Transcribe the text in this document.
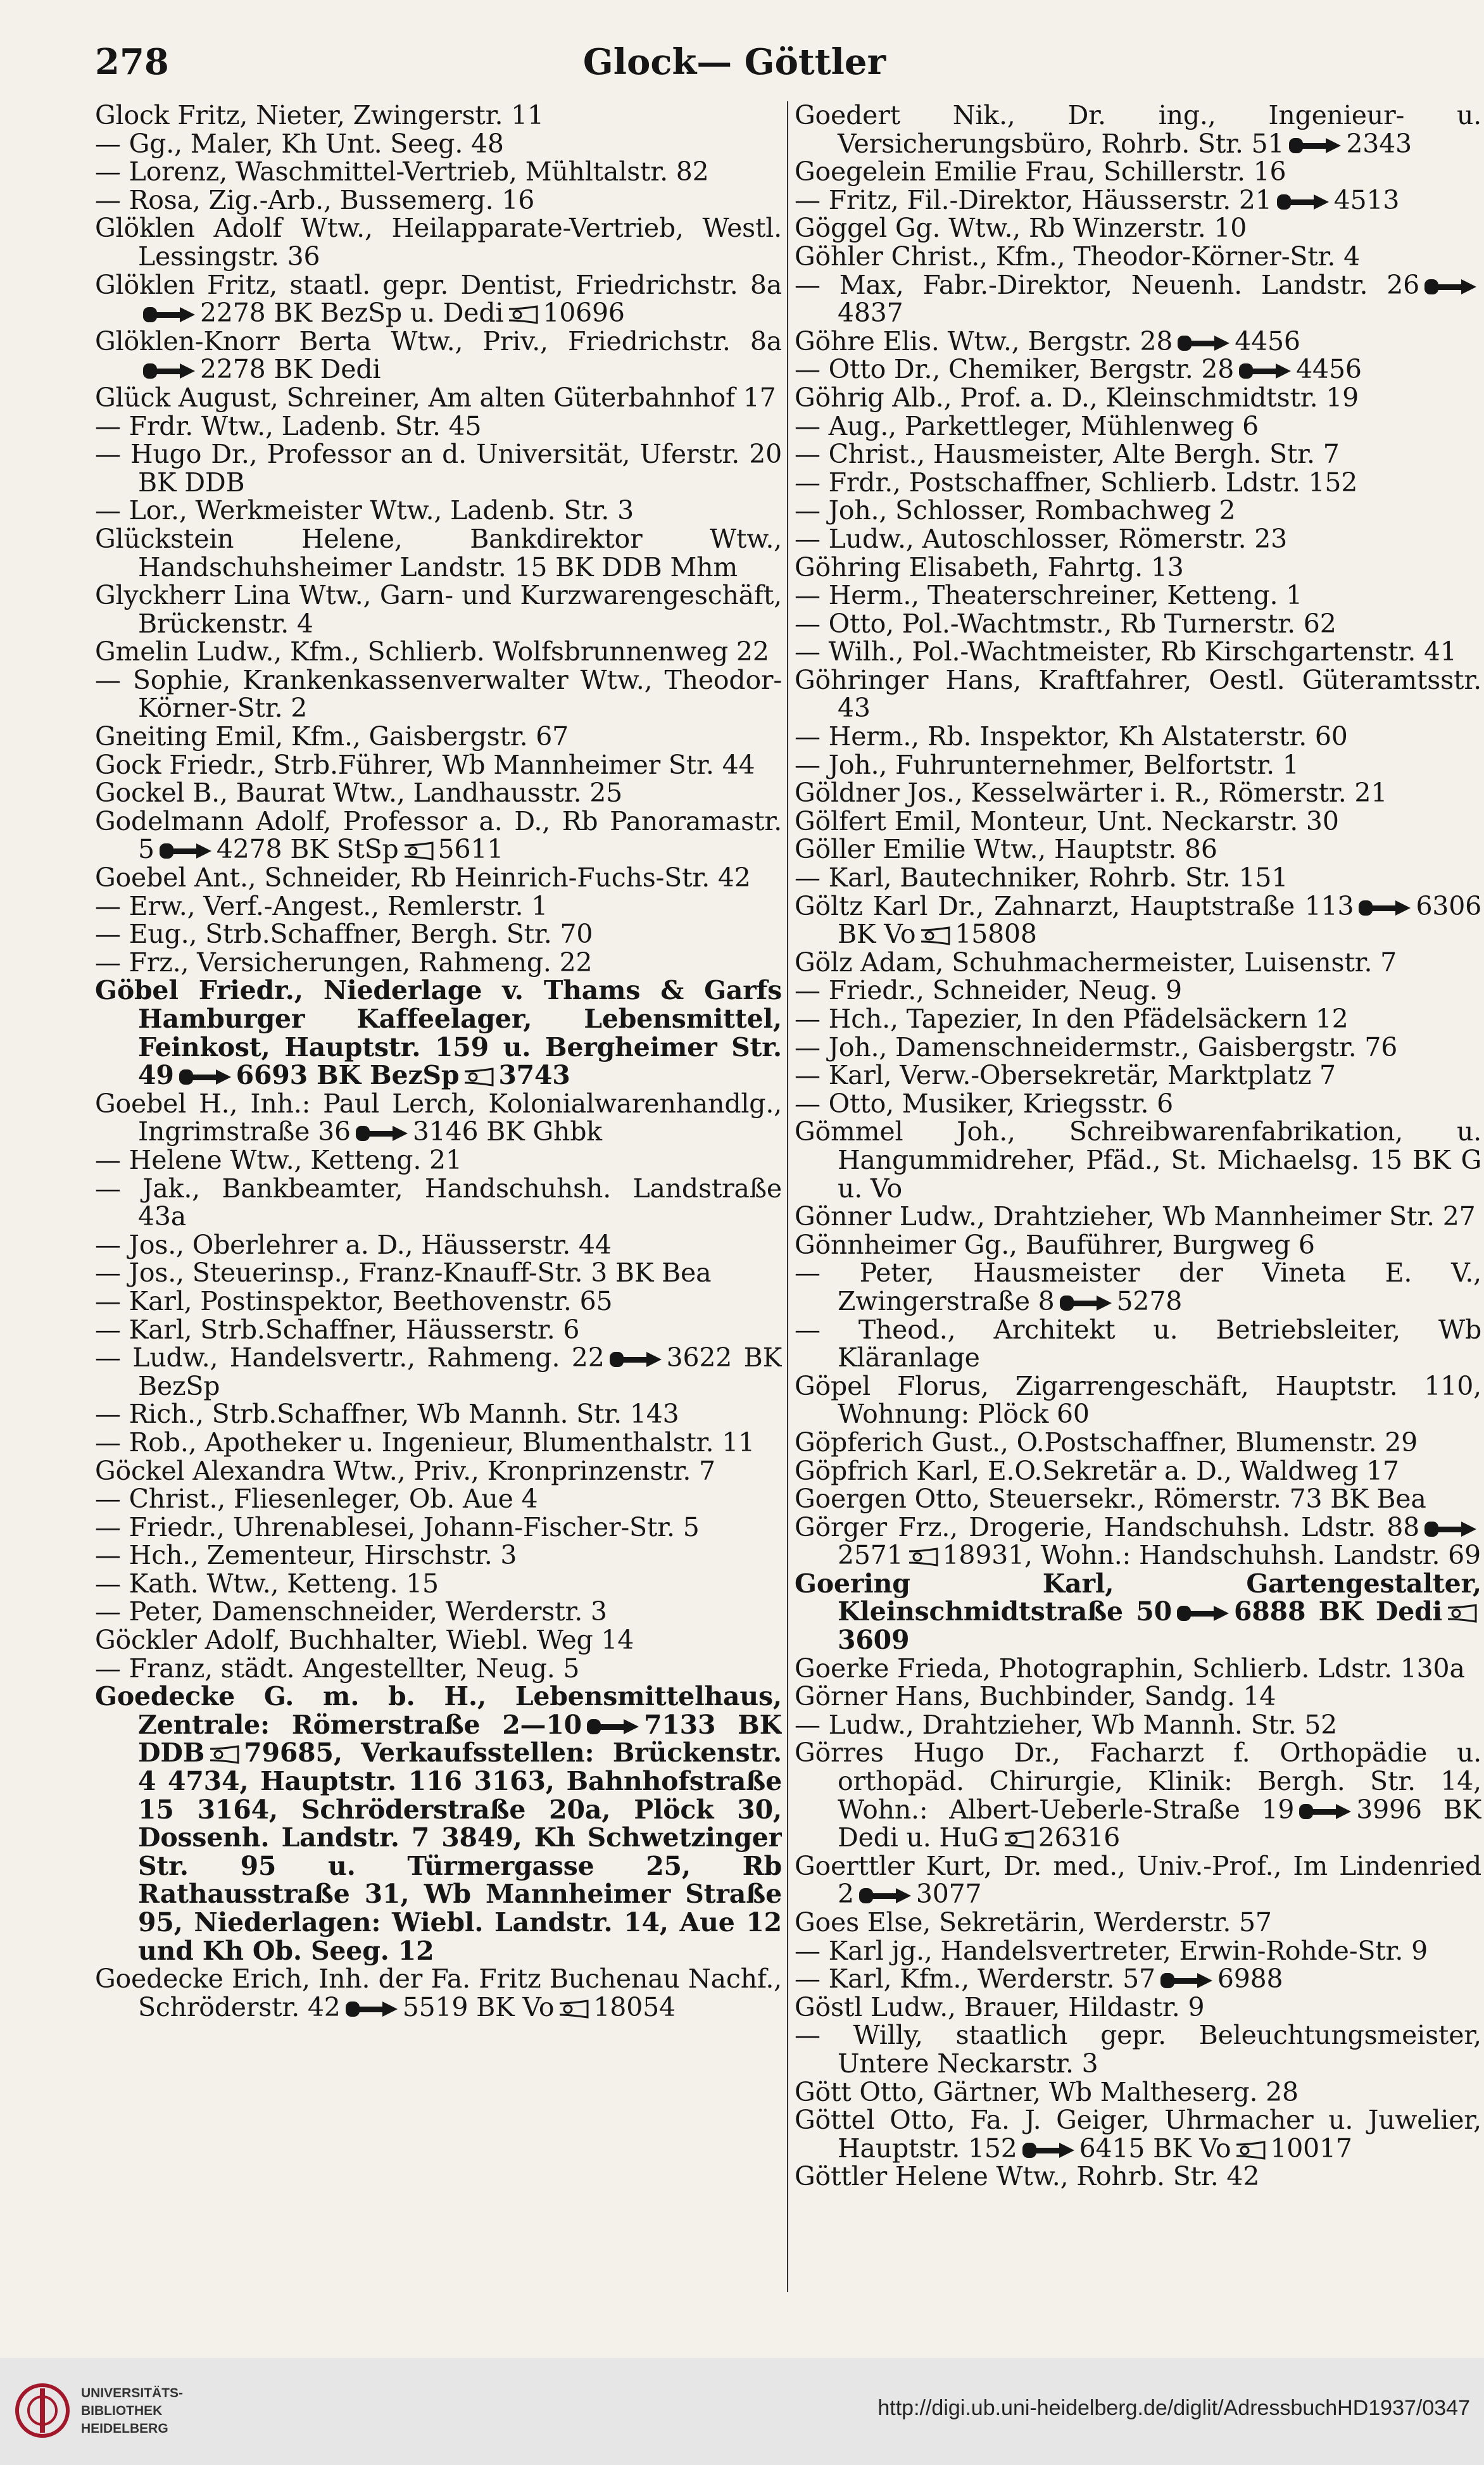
278	Glock— Göttler
Glock Fritz, Nieter, Zwingerstr. 11
— Gg., Maler, Kh Unt. Seeg. 48
— Lorenz, Waschmittel-Vertrieb, Mühltalstr. 82
— Rosa, Zig.-Arb., Bussemerg. 16
Glöklen Adolf Wtw., Heilapparate-Vertrieb, Westl. Lessingstr. 36
Glöklen Fritz, staatl. gepr. Dentist, Friedrichstr. 8a2278 BK BezSp u. Dedi 10696
Glöklen-Knorr Berta Wtw., Priv., Friedrichstr. 8a2278 BK Dedi
Glück August, Schreiner, Am alten Güterbahnhof 17
— Frdr. Wtw., Ladenb. Str. 45
— Hugo Dr., Professor an d. Universität, Uferstr. 20 BK DDB
— Lor., Werkmeister Wtw., Ladenb. Str. 3
Glückstein Helene, Bankdirektor Wtw., Handschuhsheimer Landstr. 15 BK DDB Mhm
Glyckherr Lina Wtw., Garn- und Kurzwarengeschäft, Brückenstr. 4
Gmelin Ludw., Kfm., Schlierb. Wolfsbrunnenweg 22
— Sophie, Krankenkassenverwalter Wtw., Theodor-Körner-Str. 2
Gneiting Emil, Kfm., Gaisbergstr. 67
Gock Friedr., Strb.Führer, Wb Mannheimer Str. 44
Gockel B., Baurat Wtw., Landhausstr. 25
Godelmann Adolf, Professor a. D., Rb Panoramastr. 5 4278 BK StSp 5611
Goebel Ant., Schneider, Rb Heinrich-Fuchs-Str. 42
— Erw., Verf.-Angest., Remlerstr. 1
— Eug., Strb.Schaffner, Bergh. Str. 70
— Frz., Versicherungen, Rahmeng. 22
Göbel Friedr., Niederlage v. Thams & Garfs Hamburger Kaffeelager, Lebensmittel, Feinkost, Hauptstr. 159 u. Bergheimer Str. 49 6693 BK BezSp 3743
Goebel H., Inh.: Paul Lerch, Kolonialwarenhandlg., Ingrimstraße 36 3146 BK Ghbk
— Helene Wtw., Ketteng. 21
— Jak., Bankbeamter, Handschuhsh. Landstraße 43a
— Jos., Oberlehrer a. D., Häusserstr. 44
— Jos., Steuerinsp., Franz-Knauff-Str. 3 BK Bea
— Karl, Postinspektor, Beethovenstr. 65
— Karl, Strb.Schaffner, Häusserstr. 6
— Ludw., Handelsvertr., Rahmeng. 22 3622 BK BezSp
— Rich., Strb.Schaffner, Wb Mannh. Str. 143
— Rob., Apotheker u. Ingenieur, Blumenthalstr. 11
Göckel Alexandra Wtw., Priv., Kronprinzenstr. 7
— Christ., Fliesenleger, Ob. Aue 4
— Friedr., Uhrenablesei, Johann-Fischer-Str. 5
— Hch., Zementeur, Hirschstr. 3
— Kath. Wtw., Ketteng. 15
— Peter, Damenschneider, Werderstr. 3
Göckler Adolf, Buchhalter, Wiebl. Weg 14
— Franz, städt. Angestellter, Neug. 5
Goedecke G. m. b. H., Lebensmittelhaus, Zentrale: Römerstraße 2—10 7133 BK DDB 79685, Verkaufsstellen: Brückenstr. 4 4734, Hauptstr. 116 3163, Bahnhofstraße 15 3164, Schröderstraße 20a, Plöck 30, Dossenh. Landstr. 7 3849, Kh Schwetzinger Str. 95 u. Türmergasse 25, Rb Rathausstraße 31, Wb Mannheimer Straße 95, Niederlagen: Wiebl. Landstr. 14, Aue 12 und Kh Ob. Seeg. 12
Goedecke Erich, Inh. der Fa. Fritz Buchenau Nachf., Schröderstr. 42 5519 BK Vo 18054
Goedert Nik., Dr. ing., Ingenieur- u. Versicherungsbüro, Rohrb. Str. 51 2343
Goegelein Emilie Frau, Schillerstr. 16
— Fritz, Fil.-Direktor, Häusserstr. 21 4513
Göggel Gg. Wtw., Rb Winzerstr. 10
Göhler Christ., Kfm., Theodor-Körner-Str. 4
— Max, Fabr.-Direktor, Neuenh. Landstr. 264837
Göhre Elis. Wtw., Bergstr. 28 4456
— Otto Dr., Chemiker, Bergstr. 28 4456
Göhrig Alb., Prof. a. D., Kleinschmidtstr. 19
— Aug., Parkettleger, Mühlenweg 6
— Christ., Hausmeister, Alte Bergh. Str. 7
— Frdr., Postschaffner, Schlierb. Ldstr. 152
— Joh., Schlosser, Rombachweg 2
— Ludw., Autoschlosser, Römerstr. 23
Göhring Elisabeth, Fahrtg. 13
— Herm., Theaterschreiner, Ketteng. 1
— Otto, Pol.-Wachtmstr., Rb Turnerstr. 62
— Wilh., Pol.-Wachtmeister, Rb Kirschgartenstr. 41
Göhringer Hans, Kraftfahrer, Oestl. Güteramtsstr. 43
— Herm., Rb. Inspektor, Kh Alstaterstr. 60
— Joh., Fuhrunternehmer, Belfortstr. 1
Göldner Jos., Kesselwärter i. R., Römerstr. 21
Gölfert Emil, Monteur, Unt. Neckarstr. 30
Göller Emilie Wtw., Hauptstr. 86
— Karl, Bautechniker, Rohrb. Str. 151
Göltz Karl Dr., Zahnarzt, Hauptstraße 113 6306 BK Vo 15808
Gölz Adam, Schuhmachermeister, Luisenstr. 7
— Friedr., Schneider, Neug. 9
— Hch., Tapezier, In den Pfädelsäckern 12
— Joh., Damenschneidermstr., Gaisbergstr. 76
— Karl, Verw.-Obersekretär, Marktplatz 7
— Otto, Musiker, Kriegsstr. 6
Gömmel Joh., Schreibwarenfabrikation, u. Hangummidreher, Pfäd., St. Michaelsg. 15 BK G u. Vo
Gönner Ludw., Drahtzieher, Wb Mannheimer Str. 27
Gönnheimer Gg., Bauführer, Burgweg 6
— Peter, Hausmeister der Vineta E. V., Zwingerstraße 8 5278
— Theod., Architekt u. Betriebsleiter, Wb Kläranlage
Göpel Florus, Zigarrengeschäft, Hauptstr. 110, Wohnung: Plöck 60
Göpferich Gust., O.Postschaffner, Blumenstr. 29
Göpfrich Karl, E.O.Sekretär a. D., Waldweg 17
Goergen Otto, Steuersekr., Römerstr. 73 BK Bea
Görger Frz., Drogerie, Handschuhsh. Ldstr. 882571 18931, Wohn.: Handschuhsh. Landstr. 69
Goering Karl, Gartengestalter, Kleinschmidtstraße 50 6888 BK Dedi3609
Goerke Frieda, Photographin, Schlierb. Ldstr. 130a
Görner Hans, Buchbinder, Sandg. 14
— Ludw., Drahtzieher, Wb Mannh. Str. 52
Görres Hugo Dr., Facharzt f. Orthopädie u. orthopäd. Chirurgie, Klinik: Bergh. Str. 14, Wohn.: Albert-Ueberle-Straße 19 3996 BK Dedi u. HuG 26316
Goerttler Kurt, Dr. med., Univ.-Prof., Im Lindenried 2 3077
Goes Else, Sekretärin, Werderstr. 57
— Karl jg., Handelsvertreter, Erwin-Rohde-Str. 9
— Karl, Kfm., Werderstr. 57 6988
Göstl Ludw., Brauer, Hildastr. 9
— Willy, staatlich gepr. Beleuchtungsmeister, Untere Neckarstr. 3
Gött Otto, Gärtner, Wb Maltheserg. 28
Göttel Otto, Fa. J. Geiger, Uhrmacher u. Juwelier, Hauptstr. 152 6415 BK Vo 10017
Göttler Helene Wtw., Rohrb. Str. 42
UNIVERSITÄTS-
BIBLIOTHEK
HEIDELBERG
http://digi.ub.uni-heidelberg.de/diglit/AdressbuchHD1937/0347
